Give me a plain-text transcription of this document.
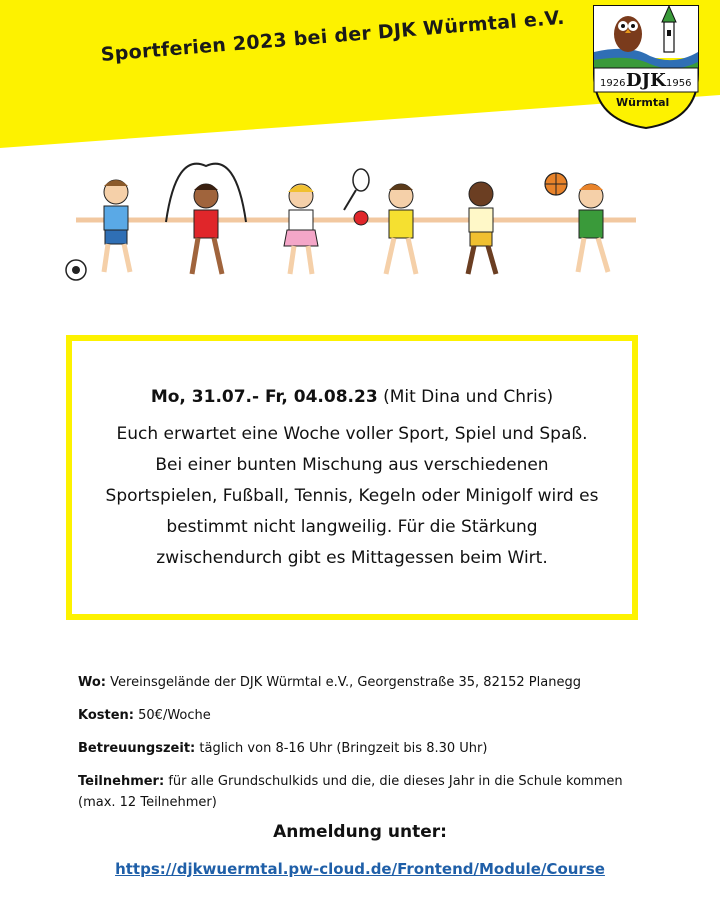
Sportferien 2023 bei der DJK Würmtal e.V.
1926 DJK 1956
Würmtal

Mo, 31.07.- Fr, 04.08.23 (Mit Dina und Chris)

Euch erwartet eine Woche voller Sport, Spiel und Spaß. Bei einer bunten Mischung aus verschiedenen Sportspielen, Fußball, Tennis, Kegeln oder Minigolf wird es bestimmt nicht langweilig. Für die Stärkung zwischendurch gibt es Mittagessen beim Wirt.

Wo: Vereinsgelände der DJK Würmtal e.V., Georgenstraße 35, 82152 Planegg
Kosten: 50€/Woche
Betreuungszeit: täglich von 8-16 Uhr (Bringzeit bis 8.30 Uhr)
Teilnehmer: für alle Grundschulkids und die, die dieses Jahr in die Schule kommen (max. 12 Teilnehmer)
Anmeldung unter:
https://djkwuermtal.pw-cloud.de/Frontend/Module/Course
